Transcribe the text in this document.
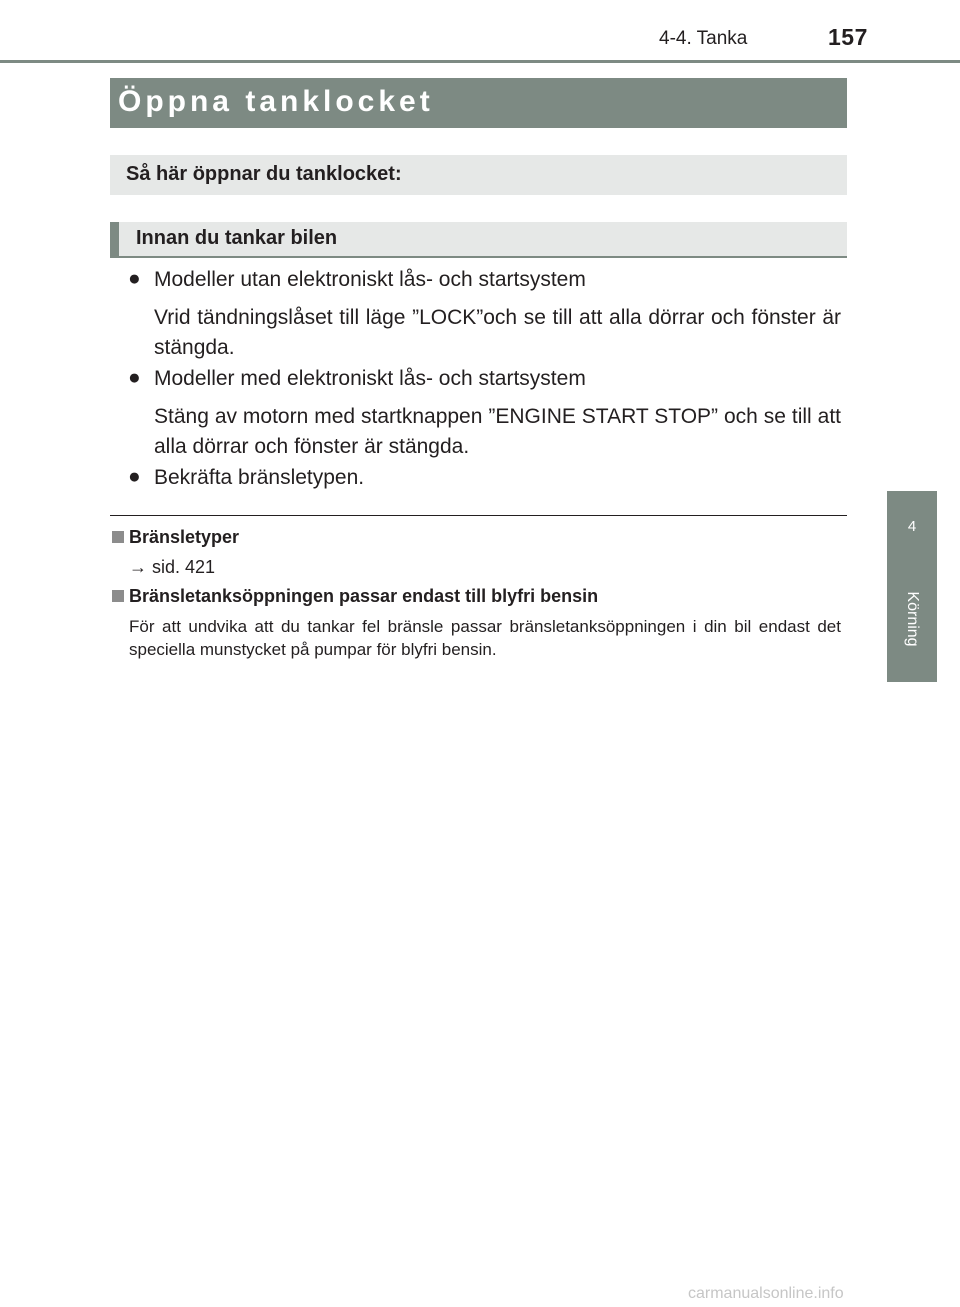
4-4. Tanka	157
4
Körning
Öppna tanklocket
Så här öppnar du tanklocket:
Innan du tankar bilen
● Modeller utan elektroniskt lås- och startsystem
Vrid tändningslåset till läge ”LOCK”och se till att alla dörrar och fönster är stängda.
● Modeller med elektroniskt lås- och startsystem
Stäng av motorn med startknappen ”ENGINE START STOP” och se till att alla dörrar och fönster är stängda.
● Bekräfta bränsletypen.
Bränsletyper
→ sid. 421
Bränsletanksöppningen passar endast till blyfri bensin
För att undvika att du tankar fel bränsle passar bränsletanksöppningen i din bil endast det speciella munstycket på pumpar för blyfri bensin.
carmanualsonline.info
